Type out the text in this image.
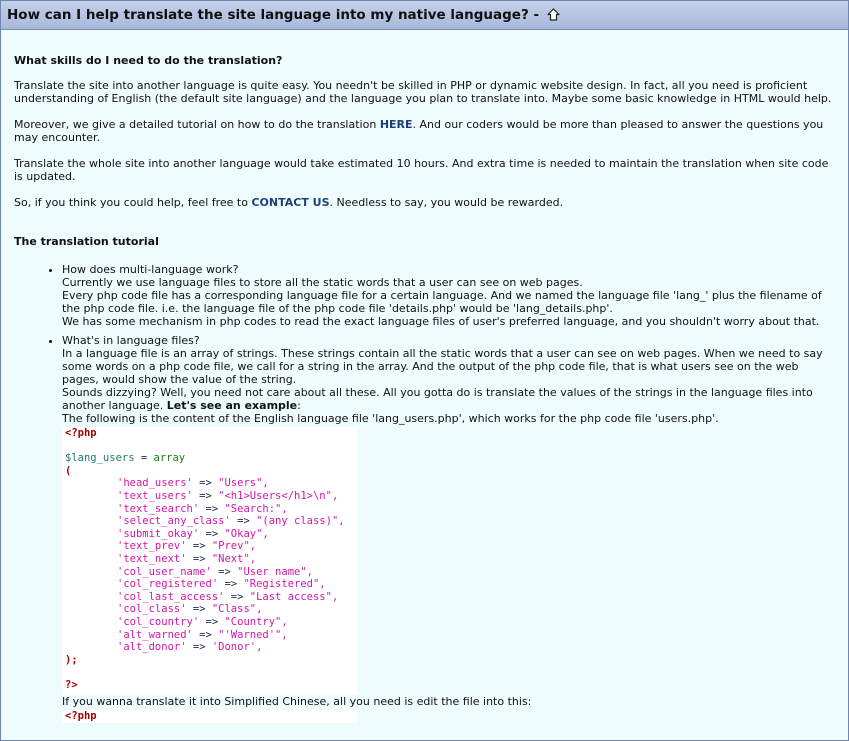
How can I help translate the site language into my native language? -
What skills do I need to do the translation?

Translate the site into another language is quite easy. You needn't be skilled in PHP or dynamic website design. In fact, all you need is proficient understanding of English (the default site language) and the language you plan to translate into. Maybe some basic knowledge in HTML would help.

Moreover, we give a detailed tutorial on how to do the translation HERE. And our coders would be more than pleased to answer the questions you may encounter.

Translate the whole site into another language would take estimated 10 hours. And extra time is needed to maintain the translation when site code is updated.

So, if you think you could help, feel free to CONTACT US. Needless to say, you would be rewarded.

The translation tutorial
• How does multi-language work?
Currently we use language files to store all the static words that a user can see on web pages.
Every php code file has a corresponding language file for a certain language. And we named the language file 'lang_' plus the filename of the php code file. i.e. the language file of the php code file 'details.php' would be 'lang_details.php'.
We has some mechanism in php codes to read the exact language files of user's preferred language, and you shouldn't worry about that.
• What's in language files?
In a language file is an array of strings. These strings contain all the static words that a user can see on web pages. When we need to say some words on a php code file, we call for a string in the array. And the output of the php code file, that is what users see on the web pages, would show the value of the string.
Sounds dizzying? Well, you need not care about all these. All you gotta do is translate the values of the strings in the language files into another language. Let's see an example:
The following is the content of the English language file 'lang_users.php', which works for the php code file 'users.php'.
<?php
$lang_users = array
(
'head_users' => "Users",
'text_users' => "<h1>Users</h1>\n",
'text_search' => "Search:",
'select_any_class' => "(any class)",
'submit_okay' => "Okay",
'text_prev' => "Prev",
'text_next' => "Next",
'col_user_name' => "User name",
'col_registered' => "Registered",
'col_last_access' => "Last access",
'col_class' => "Class",
'col_country' => "Country",
'alt_warned' => "'Warned'",
'alt_donor' => 'Donor',
);
?>
If you wanna translate it into Simplified Chinese, all you need is edit the file into this:
<?php
